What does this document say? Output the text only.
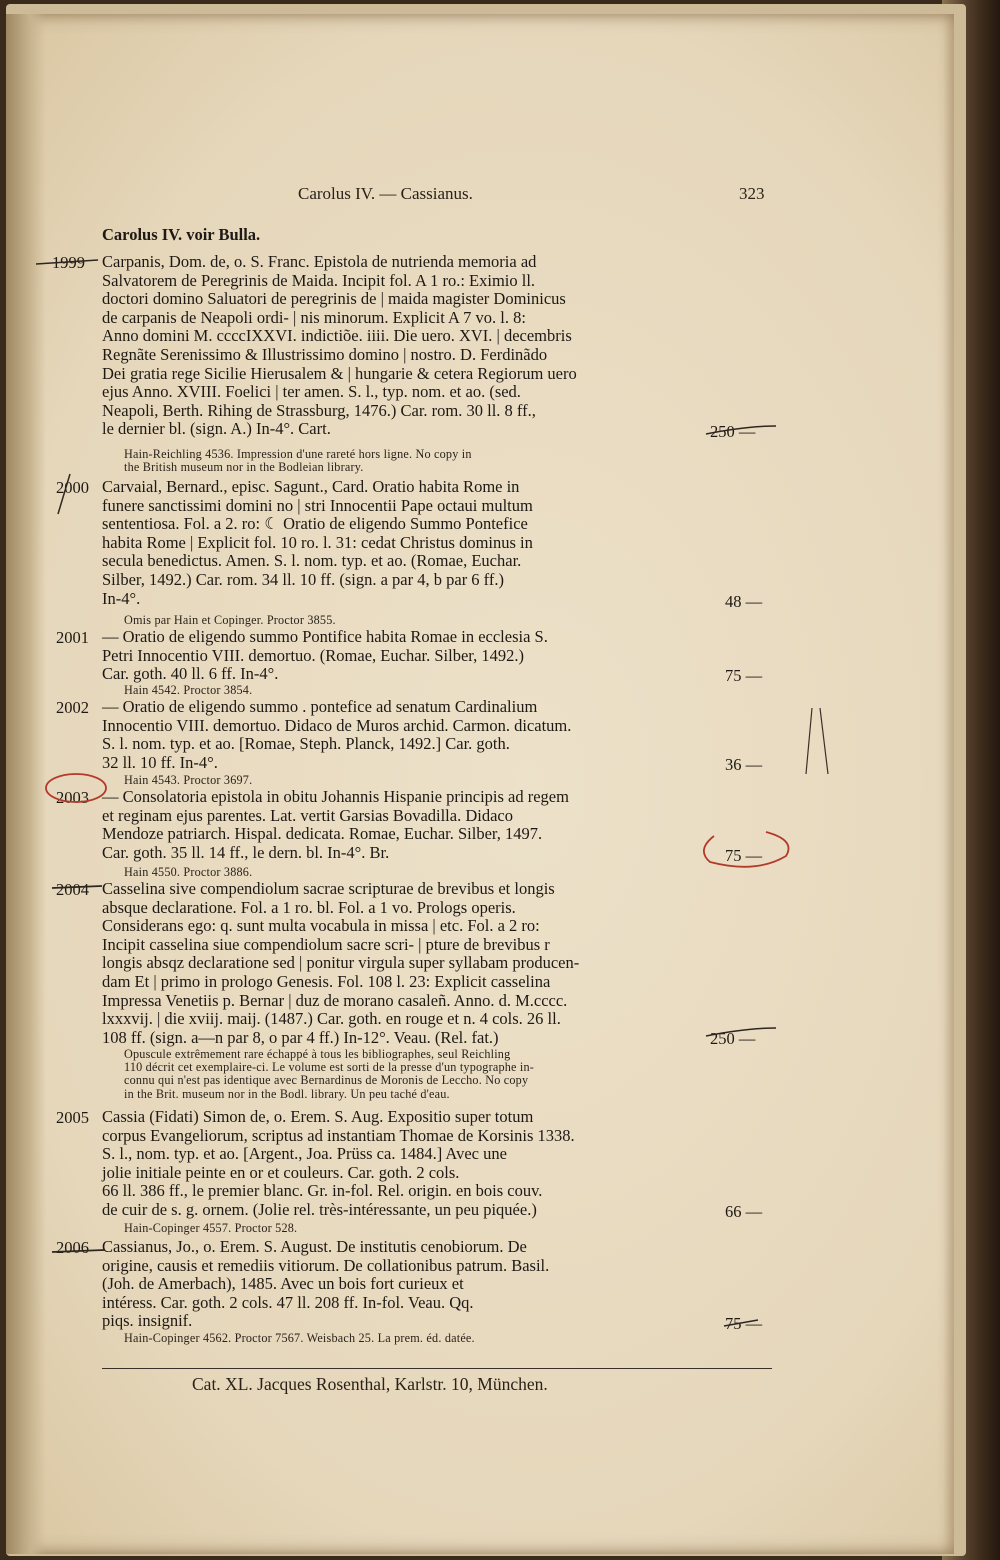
Carolus IV. — Cassianus.	323
Carolus IV. voir Bulla.
1999 Carpanis, Dom. de, o. S. Franc. Epistola de nutrienda memoria ad
Salvatorem de Peregrinis de Maida. Incipit fol. A 1 ro.: Eximio ll.
doctori domino Saluatori de peregrinis de | maida magister Dominicus
de carpanis de Neapoli ordi- | nis minorum. Explicit A 7 vo. l. 8:
Anno domini M. ccccIXXVI. indictiõe. iiii. Die uero. XVI. | decembris
Regnãte Serenissimo & Illustrissimo domino | nostro. D. Ferdinãdo
Dei gratia rege Sicilie Hierusalem & | hungarie & cetera Regiorum uero
ejus Anno. XVIII. Foelici | ter amen. S. l., typ. nom. et ao. (sed.
Neapoli, Berth. Rihing de Strassburg, 1476.) Car. rom. 30 ll. 8 ff.,
le dernier bl. (sign. A.) In-4°. Cart.
Hain-Reichling 4536. Impression d'une rareté hors ligne. No copy in
the British museum nor in the Bodleian library.
250 —
2000 Carvaial, Bernard., episc. Sagunt., Card. Oratio habita Rome in
funere sanctissimi domini no | stri Innocentii Pape octaui multum
sententiosa. Fol. a 2. ro: ☾ Oratio de eligendo Summo Pontefice
habita Rome | Explicit fol. 10 ro. l. 31: cedat Christus dominus in
secula benedictus. Amen. S. l. nom. typ. et ao. (Romae, Euchar.
Silber, 1492.) Car. rom. 34 ll. 10 ff. (sign. a par 4, b par 6 ff.)
In-4°.
Omis par Hain et Copinger. Proctor 3855.
48 —
2001 — Oratio de eligendo summo Pontifice habita Romae in ecclesia S.
Petri Innocentio VIII. demortuo. (Romae, Euchar. Silber, 1492.)
Car. goth. 40 ll. 6 ff. In-4°.
Hain 4542. Proctor 3854.
75 —
2002 — Oratio de eligendo summo . pontefice ad senatum Cardinalium
Innocentio VIII. demortuo. Didaco de Muros archid. Carmon. dicatum.
S. l. nom. typ. et ao. [Romae, Steph. Planck, 1492.] Car. goth.
32 ll. 10 ff. In-4°.
Hain 4543. Proctor 3697.
36 —
2003 — Consolatoria epistola in obitu Johannis Hispanie principis ad regem
et reginam ejus parentes. Lat. vertit Garsias Bovadilla. Didaco
Mendoze patriarch. Hispal. dedicata. Romae, Euchar. Silber, 1497.
Car. goth. 35 ll. 14 ff., le dern. bl. In-4°. Br.
Hain 4550. Proctor 3886.
75 —
2004 Casselina sive compendiolum sacrae scripturae de brevibus et longis
absque declaratione. Fol. a 1 ro. bl. Fol. a 1 vo. Prologs operis.
Considerans ego: q. sunt multa vocabula in missa | etc. Fol. a 2 ro:
Incipit casselina siue compendiolum sacre scri- | pture de brevibus r
longis absqz declaratione sed | ponitur virgula super syllabam producen-
dam Et | primo in prologo Genesis. Fol. 108 l. 23: Explicit casselina
Impressa Venetiis p. Bernar | duz de morano casaleñ. Anno. d. M.cccc.
lxxxvij. | die xviij. maij. (1487.) Car. goth. en rouge et n. 4 cols. 26 ll.
108 ff. (sign. a—n par 8, o par 4 ff.) In-12°. Veau. (Rel. fat.)
Opuscule extrêmement rare échappé à tous les bibliographes, seul Reichling
110 décrit cet exemplaire-ci. Le volume est sorti de la presse d'un typographe in-
connu qui n'est pas identique avec Bernardinus de Moronis de Leccho. No copy
in the Brit. museum nor in the Bodl. library. Un peu taché d'eau.
250 —
2005 Cassia (Fidati) Simon de, o. Erem. S. Aug. Expositio super totum
corpus Evangeliorum, scriptus ad instantiam Thomae de Korsinis 1338.
S. l., nom. typ. et ao. [Argent., Joa. Prüss ca. 1484.] Avec une
jolie initiale peinte en or et couleurs. Car. goth. 2 cols.
66 ll. 386 ff., le premier blanc. Gr. in-fol. Rel. origin. en bois couv.
de cuir de s. g. ornem. (Jolie rel. très-intéressante, un peu piquée.)
Hain-Copinger 4557. Proctor 528.
66 —
2006 Cassianus, Jo., o. Erem. S. August. De institutis cenobiorum. De
origine, causis et remediis vitiorum. De collationibus patrum. Basil.
(Joh. de Amerbach), 1485. Avec un bois fort curieux et
intéress. Car. goth. 2 cols. 47 ll. 208 ff. In-fol. Veau. Qq.
piqs. insignif.
Hain-Copinger 4562. Proctor 7567. Weisbach 25. La prem. éd. datée.
75 —
Cat. XL. Jacques Rosenthal, Karlstr. 10, München.
